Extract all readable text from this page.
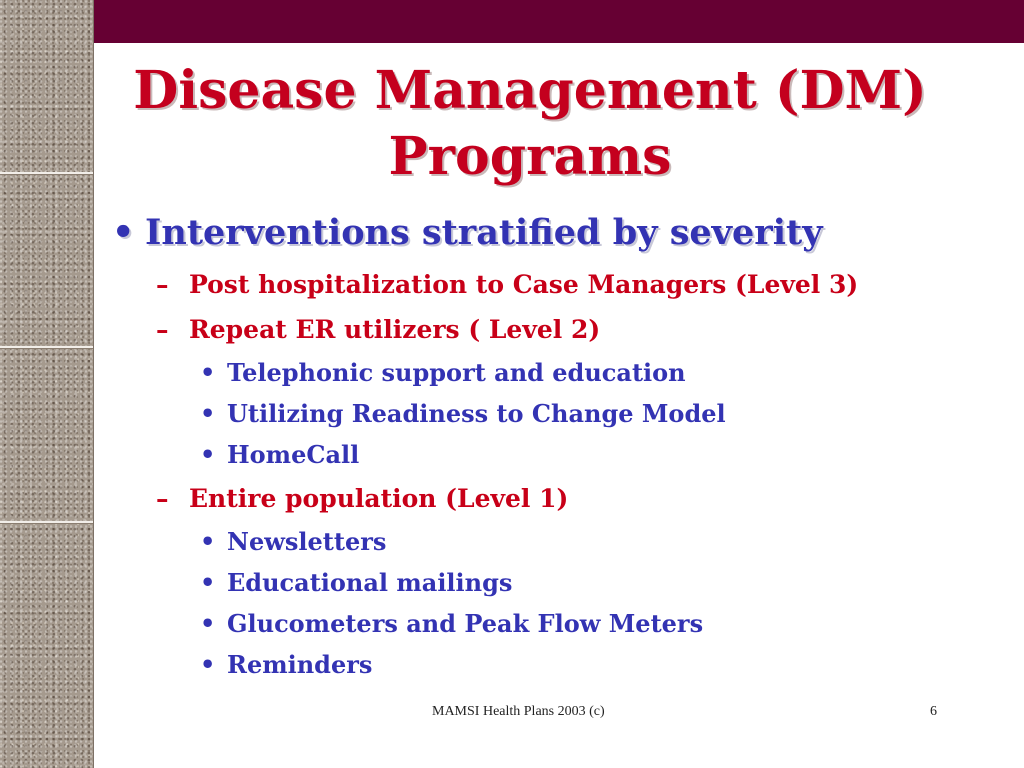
Disease Management (DM)
Programs
• Interventions stratified by severity
– Post hospitalization to Case Managers (Level 3)
– Repeat ER utilizers ( Level 2)
• Telephonic support and education
• Utilizing Readiness to Change Model
• HomeCall
– Entire population (Level 1)
• Newsletters
• Educational mailings
• Glucometers and Peak Flow Meters
• Reminders
MAMSI Health Plans 2003 (c)	6
